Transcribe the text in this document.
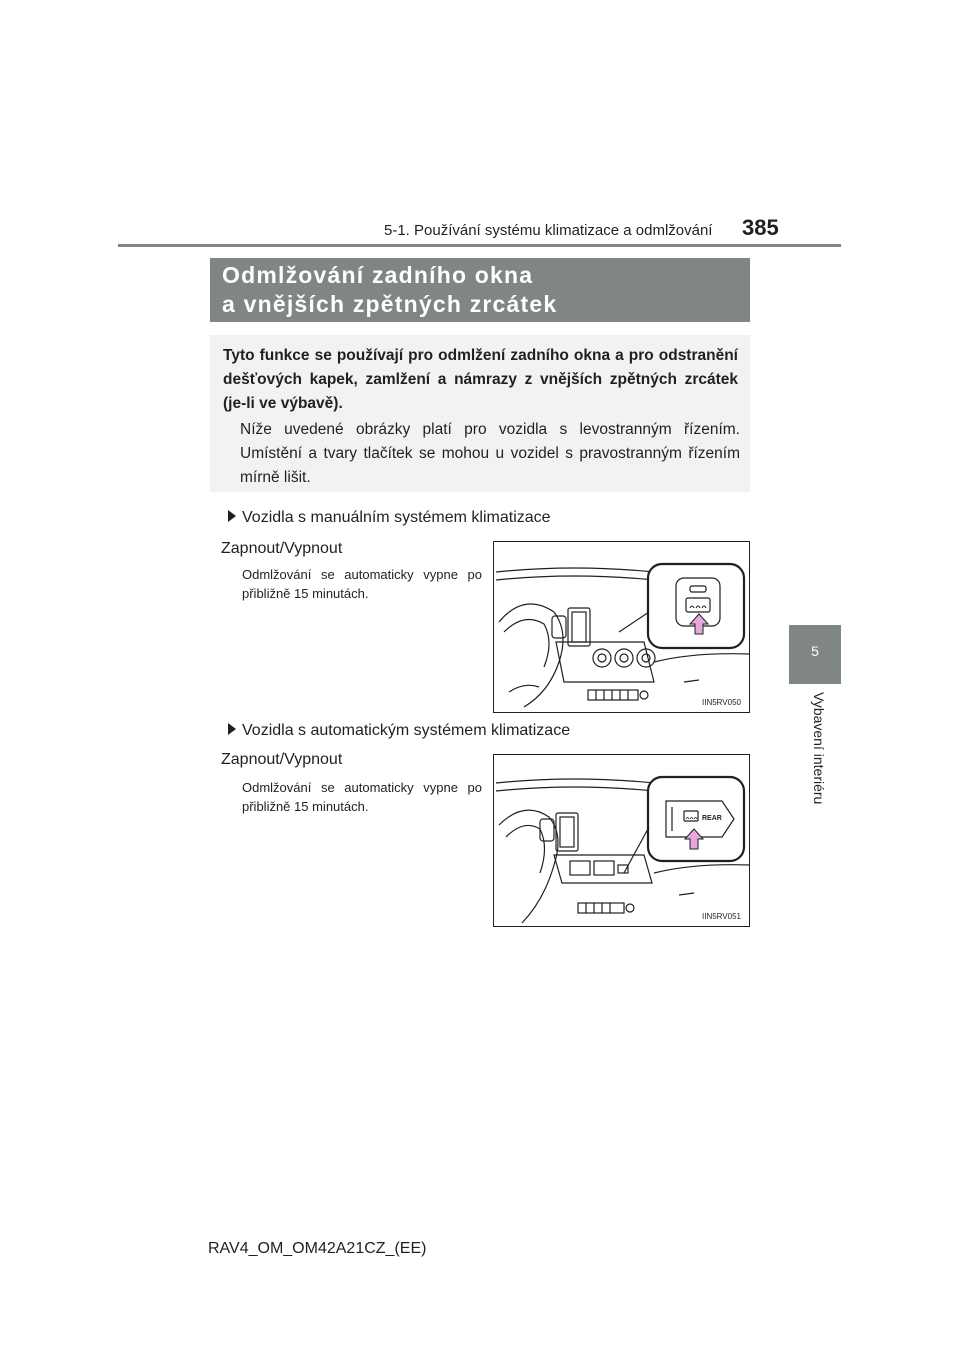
5-1. Používání systému klimatizace a odmlžování 385
5
Vybavení interiéru
Odmlžování zadního okna
a vnějších zpětných zrcátek
Tyto funkce se používají pro odmlžení zadního okna a pro odstranění dešťových kapek, zamlžení a námrazy z vnějších zpětných zrcátek (je-li ve výbavě).
Níže uvedené obrázky platí pro vozidla s levostranným řízením. Umístění a tvary tlačítek se mohou u vozidel s pravostranným řízením mírně lišit.
Vozidla s manuálním systémem klimatizace
Zapnout/Vypnout
Odmlžování se automaticky vypne po přibližně 15 minutách.
IIN5RV050
Vozidla s automatickým systémem klimatizace
Zapnout/Vypnout
Odmlžování se automaticky vypne po přibližně 15 minutách.
REAR
IIN5RV051
RAV4_OM_OM42A21CZ_(EE)
